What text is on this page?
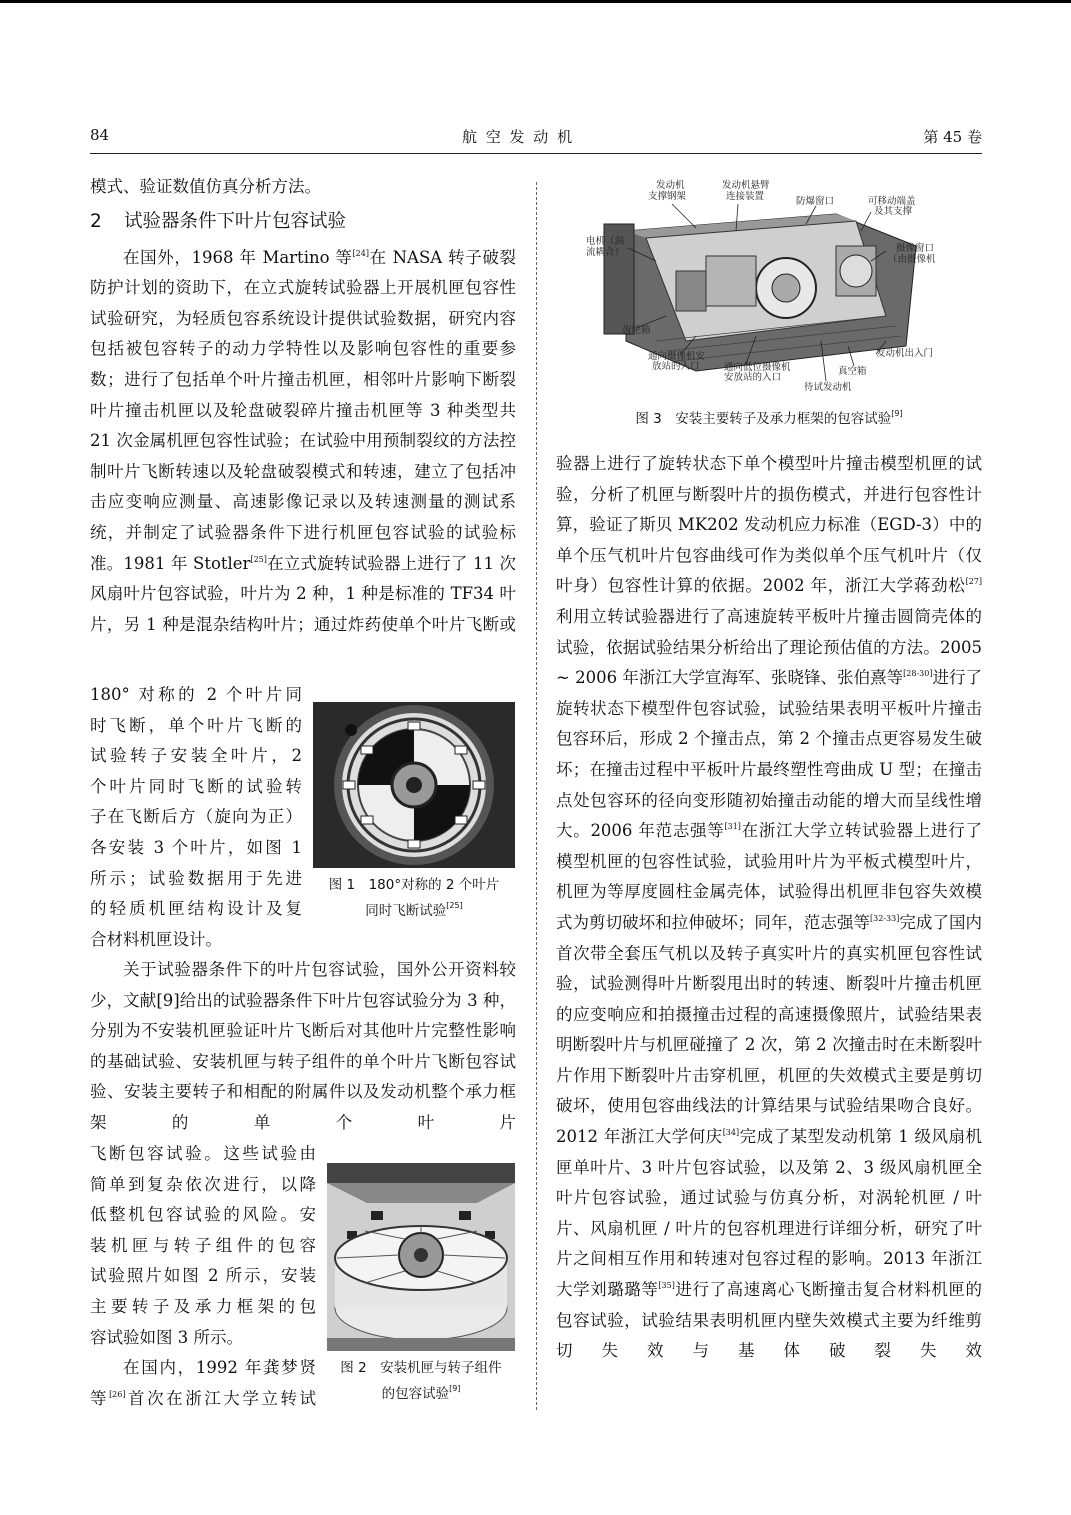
84	航 空 发 动 机	第 45 卷

模式、验证数值仿真分析方法。

2 试验器条件下叶片包容试验

在国外，1968 年 Martino 等[24]在 NASA 转子破裂防护计划的资助下，在立式旋转试验器上开展机匣包容性试验研究，为轻质包容系统设计提供试验数据，研究内容包括被包容转子的动力学特性以及影响包容性的重要参数；进行了包括单个叶片撞击机匣，相邻叶片影响下断裂叶片撞击机匣以及轮盘破裂碎片撞击机匣等 3 种类型共 21 次金属机匣包容性试验；在试验中用预制裂纹的方法控制叶片飞断转速以及轮盘破裂模式和转速，建立了包括冲击应变响应测量、高速影像记录以及转速测量的测试系统，并制定了试验器条件下进行机匣包容试验的试验标准。1981 年 Stotler[25]在立式旋转试验器上进行了 11 次风扇叶片包容试验，叶片为 2 种，1 种是标准的 TF34 叶片，另 1 种是混杂结构叶片；通过炸药使单个叶片飞断或

180° 对称的 2 个叶片同

时飞断，单个叶片飞断的

试验转子安装全叶片，2

个叶片同时飞断的试验转

子在飞断后方（旋向为正）

各安装 3 个叶片，如图 1

所示；试验数据用于先进

的轻质机匣结构设计及复

合材料机匣设计。

图 1　180°对称的 2 个叶片
同时飞断试验[25]

关于试验器条件下的叶片包容试验，国外公开资料较少，文献[9]给出的试验器条件下叶片包容试验分为 3 种，分别为不安装机匣验证叶片飞断后对其他叶片完整性影响的基础试验、安装机匣与转子组件的单个叶片飞断包容试验、安装主要转子和相配的附属件以及发动机整个承力框架的单个叶片

飞断包容试验。这些试验由

简单到复杂依次进行，以降

低整机包容试验的风险。安

装机匣与转子组件的包容

试验照片如图 2 所示，安装

主要转子及承力框架的包

容试验如图 3 所示。

在国内，1992 年龚梦贤

等[26]首次在浙江大学立转试

图 2　安装机匣与转子组件
的包容试验[9]
发动机
支撑钢架
发动机悬臂
连接装置	防爆窗口	可移动端盖
及其支撑
电机（涡
流耦合）	摄像窗口
（由摄像机
齿轮箱
通向摄像机安
放站的入口	通向低位摄像机
安放站的入口
待试发动机
真空箱
发动机出入门
图 3　安装主要转子及承力框架的包容试验[9]

验器上进行了旋转状态下单个模型叶片撞击模型机匣的试验，分析了机匣与断裂叶片的损伤模式，并进行包容性计算，验证了斯贝 MK202 发动机应力标准（EGD-3）中的单个压气机叶片包容曲线可作为类似单个压气机叶片（仅叶身）包容性计算的依据。2002 年，浙江大学蒋劲松[27]利用立转试验器进行了高速旋转平板叶片撞击圆筒壳体的试验，依据试验结果分析给出了理论预估值的方法。2005 ~ 2006 年浙江大学宣海军、张晓锋、张伯熹等[28-30]进行了旋转状态下模型件包容试验，试验结果表明平板叶片撞击包容环后，形成 2 个撞击点，第 2 个撞击点更容易发生破坏；在撞击过程中平板叶片最终塑性弯曲成 U 型；在撞击点处包容环的径向变形随初始撞击动能的增大而呈线性增大。2006 年范志强等[31]在浙江大学立转试验器上进行了模型机匣的包容性试验，试验用叶片为平板式模型叶片，机匣为等厚度圆柱金属壳体，试验得出机匣非包容失效模式为剪切破坏和拉伸破坏；同年，范志强等[32-33]完成了国内首次带全套压气机以及转子真实叶片的真实机匣包容性试验，试验测得叶片断裂甩出时的转速、断裂叶片撞击机匣的应变响应和拍摄撞击过程的高速摄像照片，试验结果表明断裂叶片与机匣碰撞了 2 次，第 2 次撞击时在未断裂叶片作用下断裂叶片击穿机匣，机匣的失效模式主要是剪切破坏，使用包容曲线法的计算结果与试验结果吻合良好。2012 年浙江大学何庆[34]完成了某型发动机第 1 级风扇机匣单叶片、3 叶片包容试验，以及第 2、3 级风扇机匣全叶片包容试验，通过试验与仿真分析，对涡轮机匣 / 叶片、风扇机匣 / 叶片的包容机理进行详细分析，研究了叶片之间相互作用和转速对包容过程的影响。2013 年浙江大学刘璐璐等[35]进行了高速离心飞断撞击复合材料机匣的包容试验，试验结果表明机匣内壁失效模式主要为纤维剪切失效与基体破裂失效
